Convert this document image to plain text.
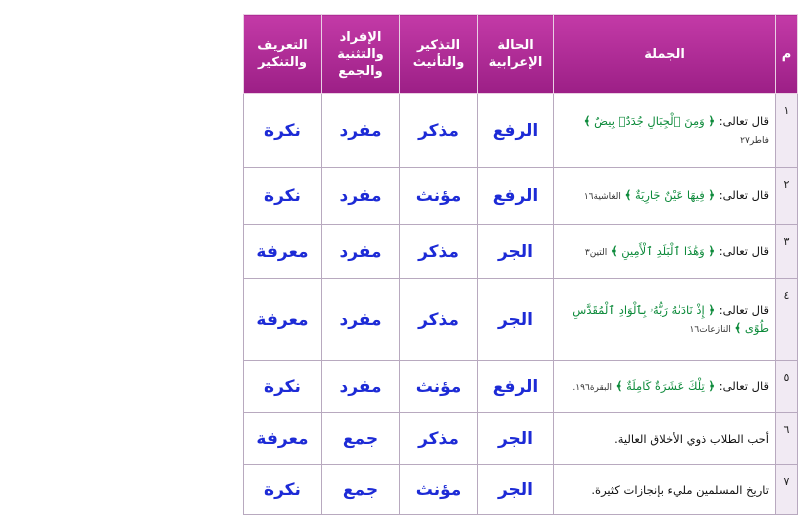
م	الجملة	الحالة الإعرابية	التذكير والتأنيث	الإفراد والتثنية والجمع	التعريف والتنكير
١	قال تعالى: ﴿ وَمِنَ ٱلْجِبَالِ جُدَدٌۢ بِيضٌ ﴾ فاطر٢٧	الرفع	مذكر	مفرد	نكرة
٢	قال تعالى: ﴿ فِيهَا عَيْنٌ جَارِيَةٌ ﴾ الغاشية١٦	الرفع	مؤنث	مفرد	نكرة
٣	قال تعالى: ﴿ وَهَٰذَا ٱلْبَلَدِ ٱلْأَمِينِ ﴾ التين٣	الجر	مذكر	مفرد	معرفة
٤	قال تعالى: ﴿ إِذْ نَادَىٰهُ رَبُّهُۥ بِٱلْوَادِ ٱلْمُقَدَّسِ طُوًى ﴾ النازعات١٦	الجر	مذكر	مفرد	معرفة
٥	قال تعالى: ﴿ تِلْكَ عَشَرَةٌ كَامِلَةٌ ﴾ البقرة١٩٦.	الرفع	مؤنث	مفرد	نكرة
٦	أحب الطلاب ذوي الأخلاق العالية.	الجر	مذكر	جمع	معرفة
٧	تاريخ المسلمين مليء بإنجازات كثيرة.	الجر	مؤنث	جمع	نكرة
